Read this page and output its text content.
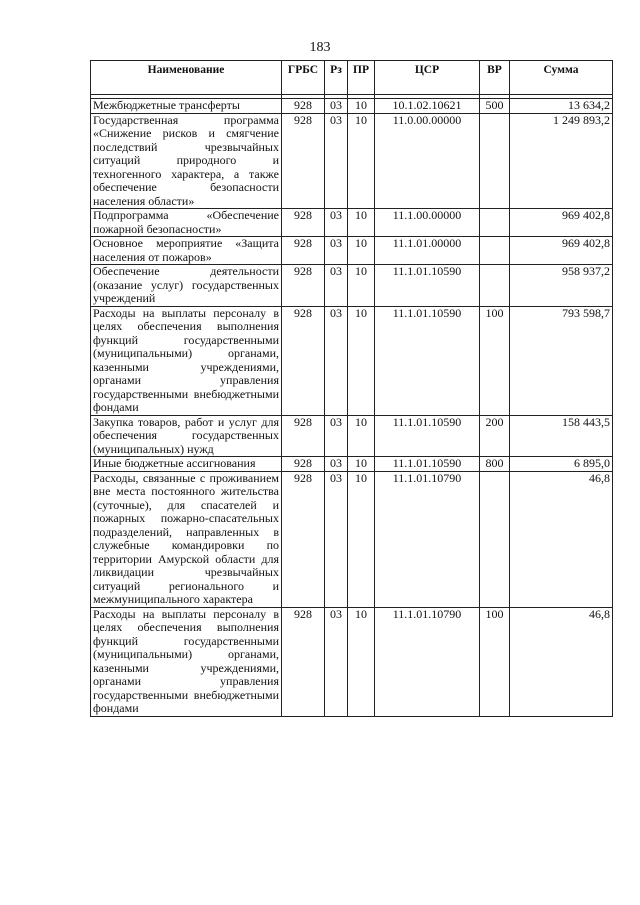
183
Наименование	ГРБС	Рз	ПР	ЦСР	ВР	Сумма

Межбюджетные трансферты	928	03	10	10.1.02.10621	500	13 634,2
Государственная программа «Снижение рисков и смягчение последствий чрезвычайных ситуаций природного и техногенного характера, а также обеспечение безопасности населения области»	928	03	10	11.0.00.00000		1 249 893,2
Подпрограмма «Обеспечение пожарной безопасности»	928	03	10	11.1.00.00000		969 402,8
Основное мероприятие «Защита населения от пожаров»	928	03	10	11.1.01.00000		969 402,8
Обеспечение деятельности (оказание услуг) государственных учреждений	928	03	10	11.1.01.10590		958 937,2
Расходы на выплаты персоналу в целях обеспечения выполнения функций государственными (муниципальными) органами, казенными учреждениями, органами управления государственными внебюджетными фондами	928	03	10	11.1.01.10590	100	793 598,7
Закупка товаров, работ и услуг для обеспечения государственных (муниципальных) нужд	928	03	10	11.1.01.10590	200	158 443,5
Иные бюджетные ассигнования	928	03	10	11.1.01.10590	800	6 895,0
Расходы, связанные с проживанием вне места постоянного жительства (суточные), для спасателей и пожарных пожарно-спасательных подразделений, направленных в служебные командировки по территории Амурской области для ликвидации чрезвычайных ситуаций регионального и межмуниципального характера	928	03	10	11.1.01.10790		46,8
Расходы на выплаты персоналу в целях обеспечения выполнения функций государственными (муниципальными) органами, казенными учреждениями, органами управления государственными внебюджетными фондами	928	03	10	11.1.01.10790	100	46,8
